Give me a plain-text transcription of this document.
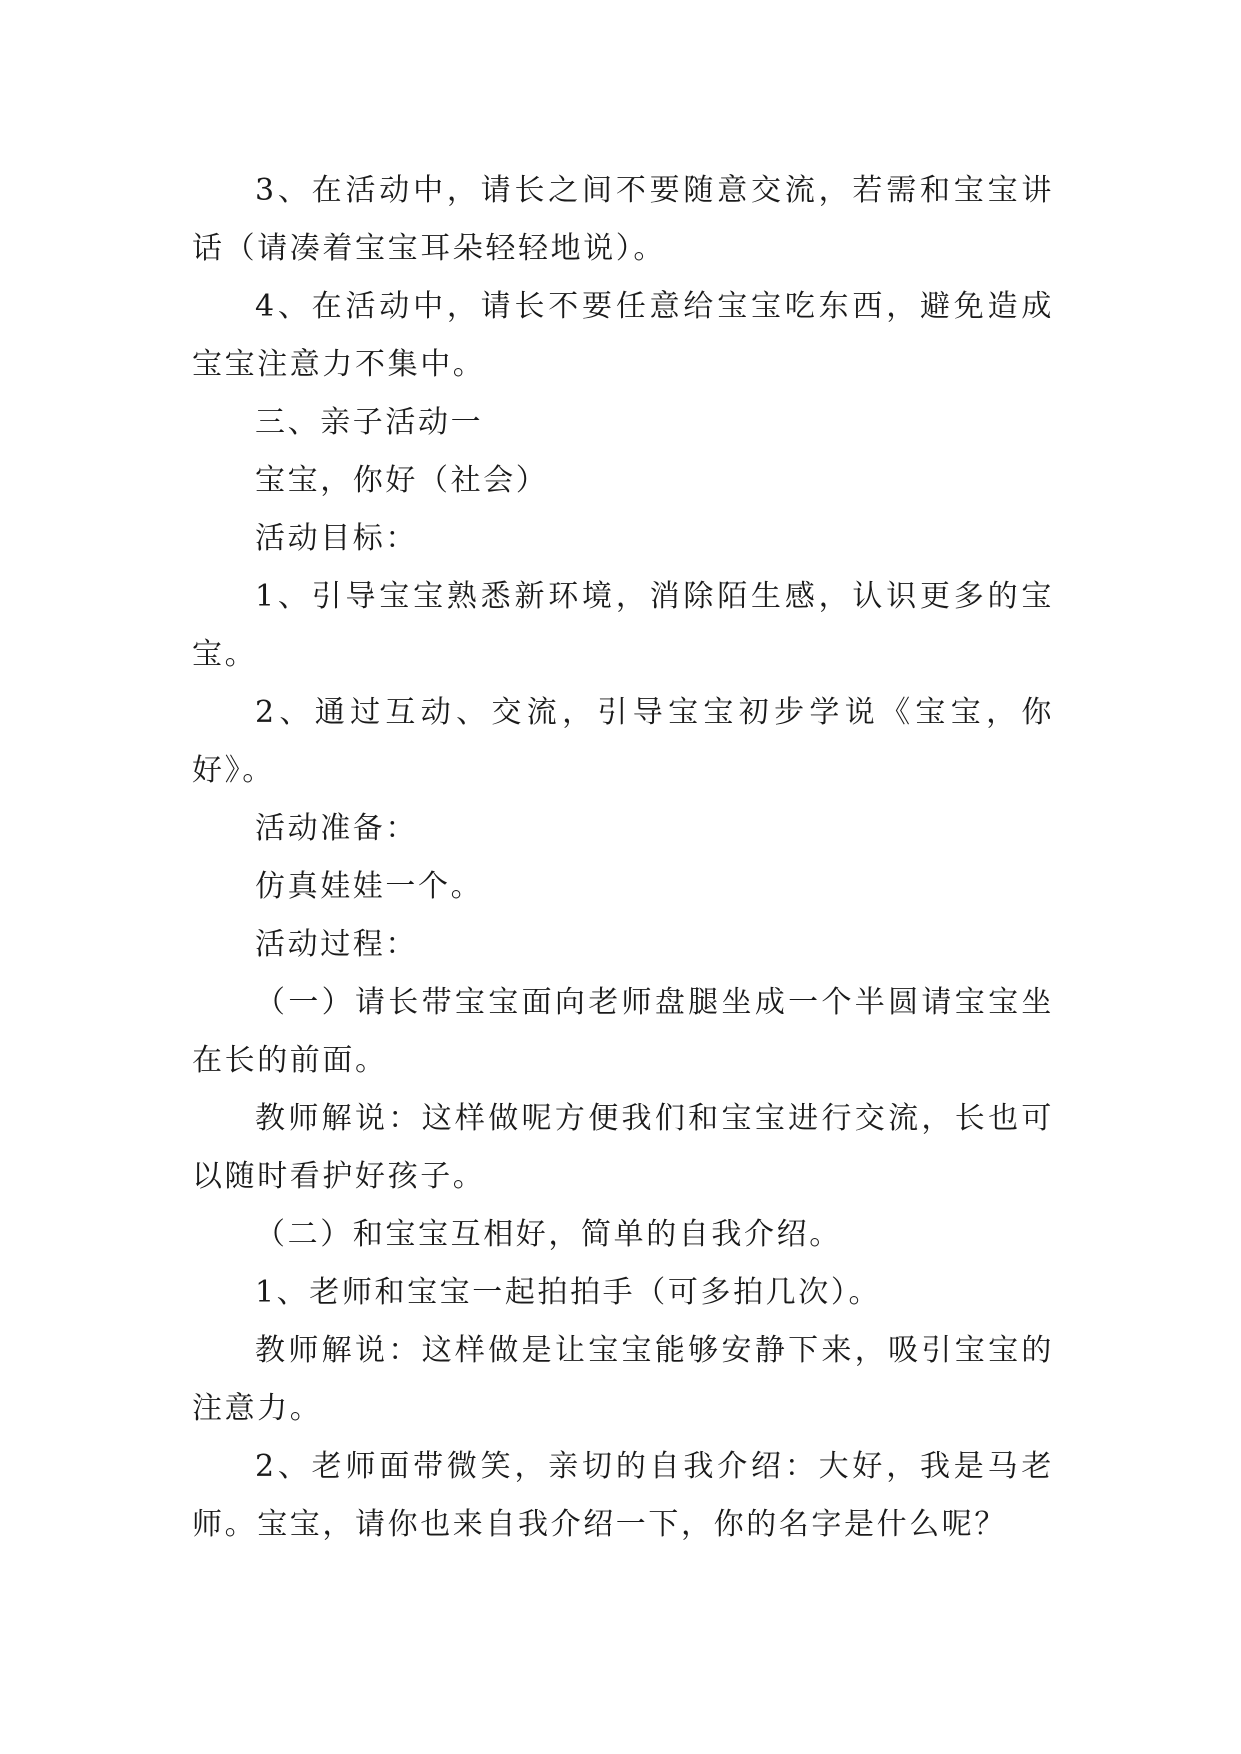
3、在活动中，请长之间不要随意交流，若需和宝宝讲话（请凑着宝宝耳朵轻轻地说）。

4、在活动中，请长不要任意给宝宝吃东西，避免造成宝宝注意力不集中。

三、亲子活动一

宝宝，你好（社会）

活动目标：

1、引导宝宝熟悉新环境，消除陌生感，认识更多的宝宝。

2、通过互动、交流，引导宝宝初步学说《宝宝，你好》。

活动准备：

仿真娃娃一个。

活动过程：

（一）请长带宝宝面向老师盘腿坐成一个半圆请宝宝坐在长的前面。

教师解说：这样做呢方便我们和宝宝进行交流，长也可以随时看护好孩子。

（二）和宝宝互相好，简单的自我介绍。

1、老师和宝宝一起拍拍手（可多拍几次）。

教师解说：这样做是让宝宝能够安静下来，吸引宝宝的注意力。

2、老师面带微笑，亲切的自我介绍：大好，我是马老师。宝宝，请你也来自我介绍一下，你的名字是什么呢？
